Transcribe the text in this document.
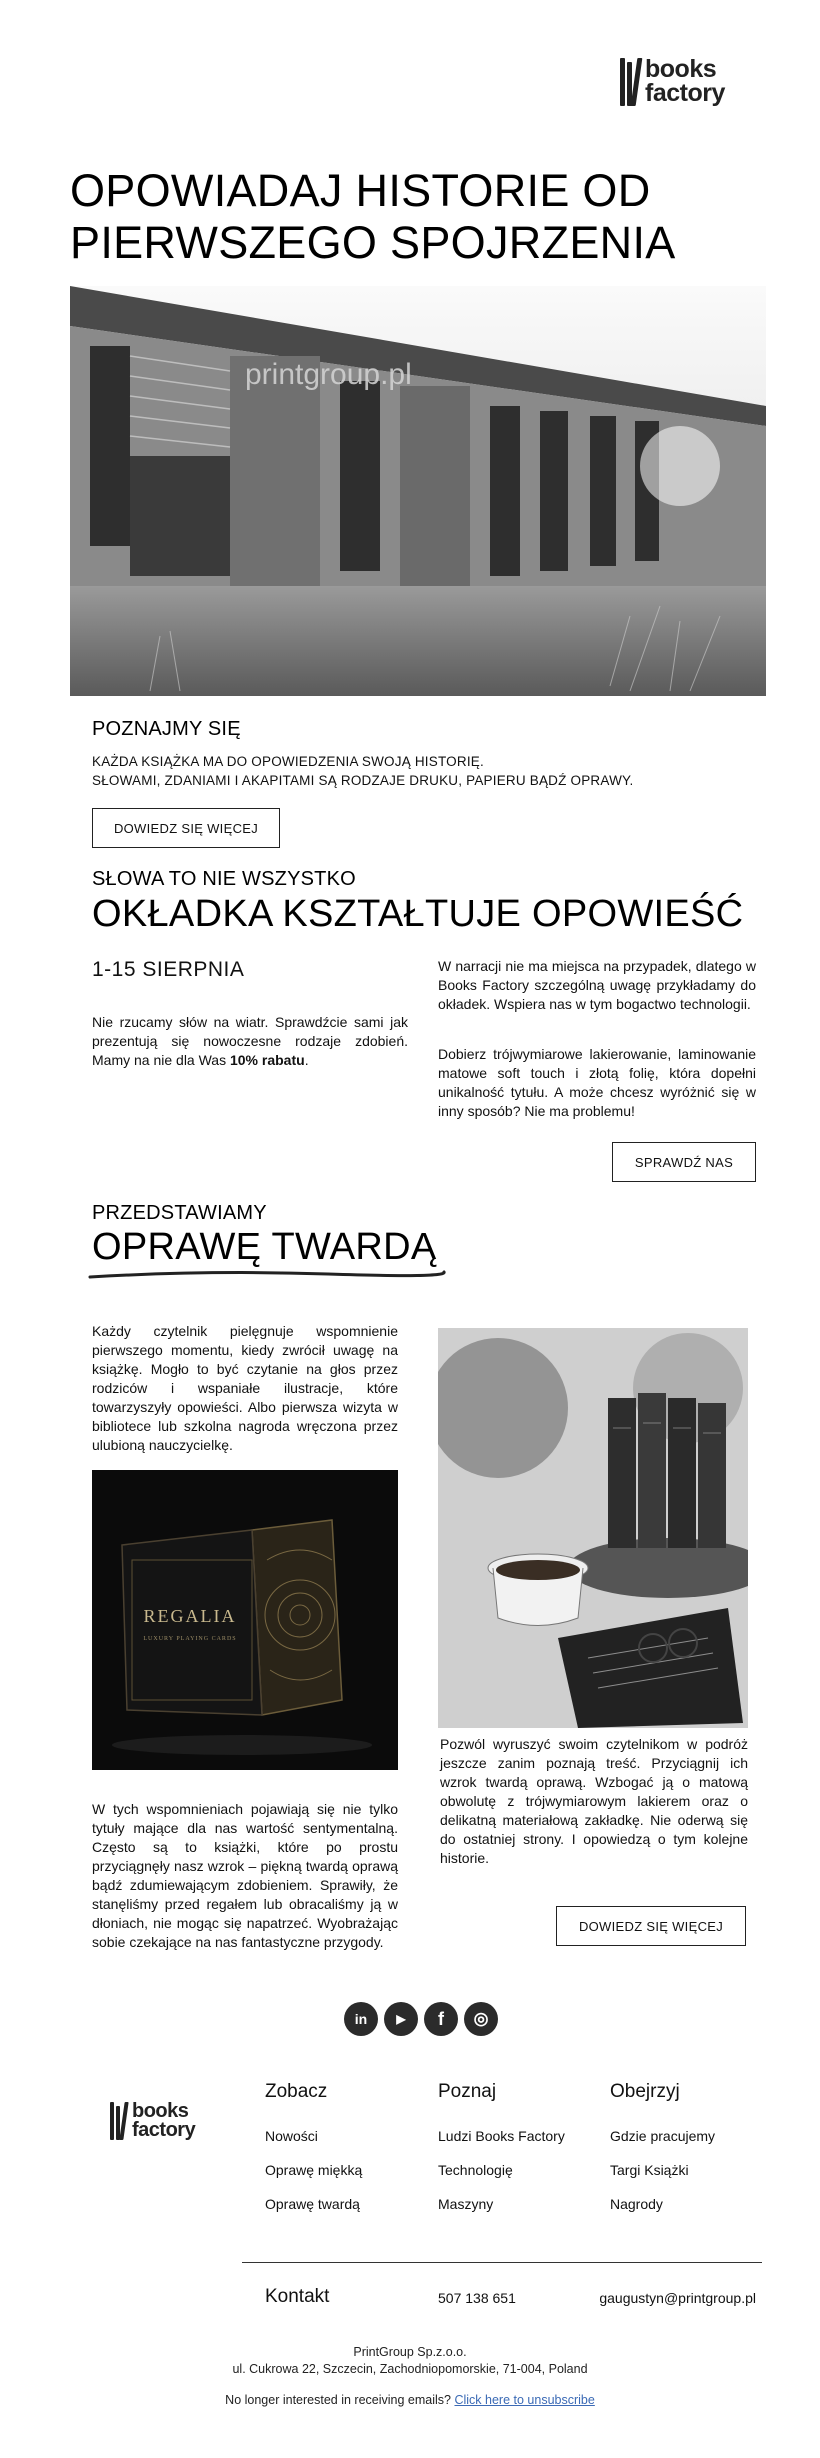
books
factory
OPOWIADAJ HISTORIE OD
PIERWSZEGO SPOJRZENIA
printgroup.pl
POZNAJMY SIĘ
KAŻDA KSIĄŻKA MA DO OPOWIEDZENIA SWOJĄ HISTORIĘ.
SŁOWAMI, ZDANIAMI I AKAPITAMI SĄ RODZAJE DRUKU, PAPIERU BĄDŹ OPRAWY.
DOWIEDZ SIĘ WIĘCEJ
SŁOWA TO NIE WSZYSTKO
OKŁADKA KSZTAŁTUJE OPOWIEŚĆ
1-15 SIERPNIA
Nie rzucamy słów na wiatr. Sprawdźcie sami jak prezentują się nowoczesne rodzaje zdobień. Mamy na nie dla Was 10% rabatu.
W narracji nie ma miejsca na przypadek, dlatego w Books Factory szczególną uwagę przykładamy do okładek. Wspiera nas w tym bogactwo technologii.
Dobierz trójwymiarowe lakierowanie, laminowanie matowe soft touch i złotą folię, która dopełni unikalność tytułu. A może chcesz wyróżnić się w inny sposób? Nie ma problemu!
SPRAWDŹ NAS
PRZEDSTAWIAMY
OPRAWĘ TWARDĄ
Każdy czytelnik pielęgnuje wspomnienie pierwszego momentu, kiedy zwrócił uwagę na książkę. Mogło to być czytanie na głos przez rodziców i wspaniałe ilustracje, które towarzyszyły opowieści. Albo pierwsza wizyta w bibliotece lub szkolna nagroda wręczona przez ulubioną nauczycielkę.
REGALIA
LUXURY PLAYING CARDS
W tych wspomnieniach pojawiają się nie tylko tytuły mające dla nas wartość sentymentalną. Często są to książki, które po prostu przyciągnęły nasz wzrok – piękną twardą oprawą bądź zdumiewającym zdobieniem. Sprawiły, że stanęliśmy przed regałem lub obracaliśmy ją w dłoniach, nie mogąc się napatrzeć. Wyobrażając sobie czekające na nas fantastyczne przygody.
Pozwól wyruszyć swoim czytelnikom w podróż jeszcze zanim poznają treść. Przyciągnij ich wzrok twardą oprawą. Wzbogać ją o matową obwolutę z trójwymiarowym lakierem oraz o delikatną materiałową zakładkę. Nie oderwą się do ostatniej strony. I opowiedzą o tym kolejne historie.
DOWIEDZ SIĘ WIĘCEJ
in	▶	f	◎
books
factory
Zobacz
Nowości
Oprawę miękką
Oprawę twardą
Poznaj
Ludzi Books Factory
Technologię
Maszyny
Obejrzyj
Gdzie pracujemy
Targi Książki
Nagrody
Kontakt	507 138 651	gaugustyn@printgroup.pl
PrintGroup Sp.z.o.o.
ul. Cukrowa 22, Szczecin, Zachodniopomorskie, 71-004, Poland
No longer interested in receiving emails? Click here to unsubscribe
